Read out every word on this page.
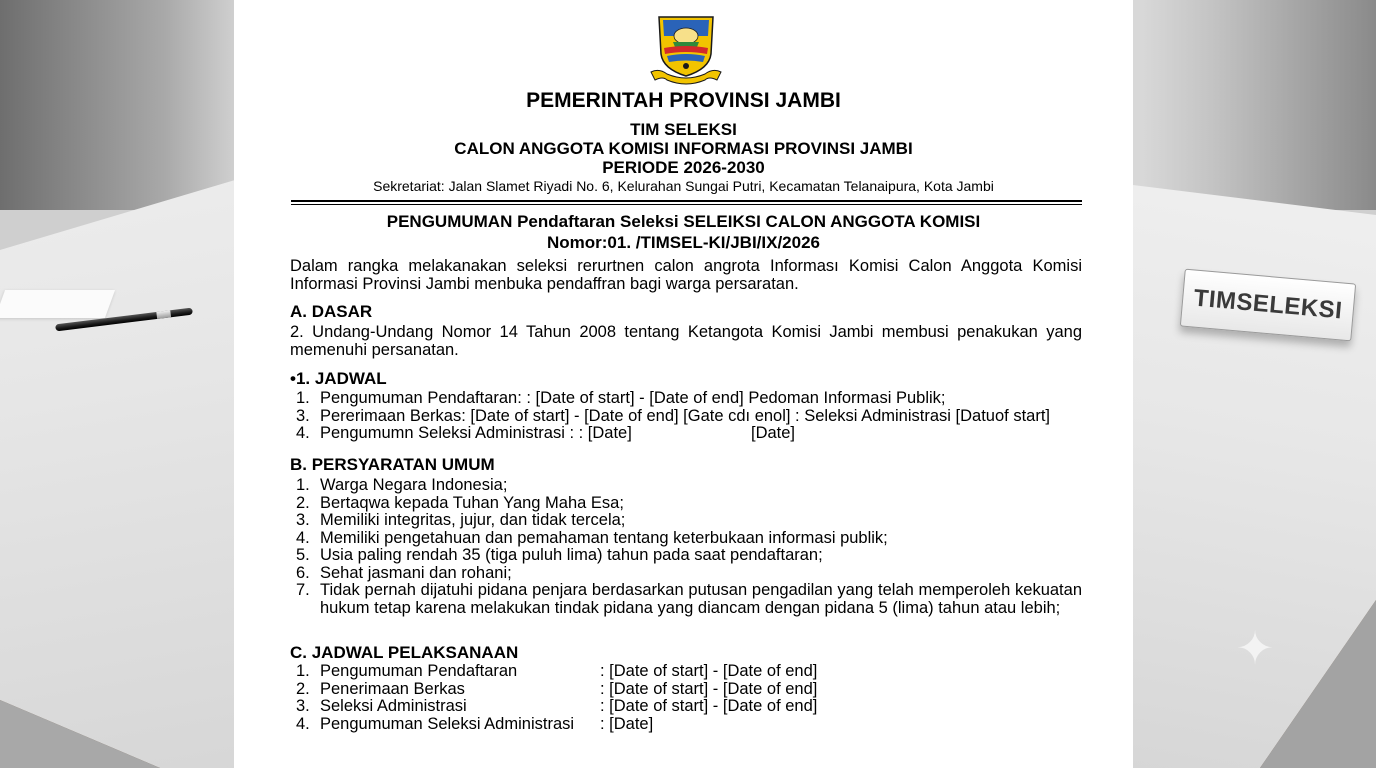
TIMSELEKSI
✦
PEMERINTAH PROVINSI JAMBI
TIM SELEKSI
CALON ANGGOTA KOMISI INFORMASI PROVINSI JAMBI
PERIODE 2026-2030
Sekretariat: Jalan Slamet Riyadi No. 6, Kelurahan Sungai Putri, Kecamatan Telanaipura, Kota Jambi
PENGUMUMAN Pendaftaran Seleksi SELEIKSI CALON ANGGOTA KOMISI
Nomor:01. /TIMSEL-KI/JBI/IX/2026
Dalam rangka melakanakan seleksi rerurtnen calon angrota Informası Komisi Calon Anggota Komisi Informasi Provinsi Jambi menbuka pendaffran bagi warga persaratan.
A. DASAR
2. Undang-Undang Nomor 14 Tahun 2008 tentang Ketangota Komisi Jambi membusi penakukan yang memenuhi persanatan.
•1. JADWAL
1. Pengumuman Pendaftaran: : [Date of start] - [Date of end] Pedoman Informasi Publik;
3. Pererimaan Berkas: [Date of start] - [Date of end] [Gate cdı enol] : Seleksi Administrasi [Datuof start]
4. Pengumumn Seleksi Administrasi : : [Date]                          [Date]
B. PERSYARATAN UMUM
1. Warga Negara Indonesia;
2. Bertaqwa kepada Tuhan Yang Maha Esa;
3. Memiliki integritas, jujur, dan tidak tercela;
4. Memiliki pengetahuan dan pemahaman tentang keterbukaan informasi publik;
5. Usia paling rendah 35 (tiga puluh lima) tahun pada saat pendaftaran;
6. Sehat jasmani dan rohani;
7. Tidak pernah dijatuhi pidana penjara berdasarkan putusan pengadilan yang telah memperoleh kekuatan hukum tetap karena melakukan tindak pidana yang diancam dengan pidana 5 (lima) tahun atau lebih;
C. JADWAL PELAKSANAAN
1. Pengumuman Pendaftaran	: [Date of start] - [Date of end]
2. Penerimaan Berkas	: [Date of start] - [Date of end]
3. Seleksi Administrasi	: [Date of start] - [Date of end]
4. Pengumuman Seleksi Administrasi : [Date]
